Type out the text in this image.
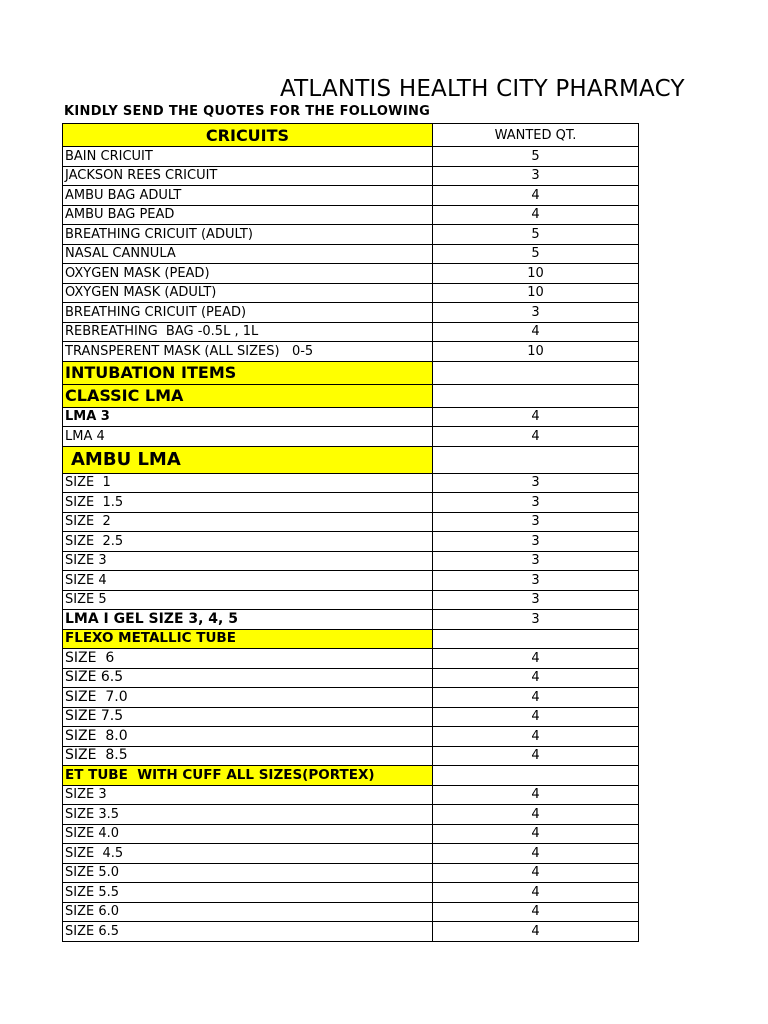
ATLANTIS HEALTH CITY PHARMACY
KINDLY SEND THE QUOTES FOR THE FOLLOWING
CRICUITS	WANTED QT.
BAIN CRICUIT	5
JACKSON REES CRICUIT	3
AMBU BAG ADULT	4
AMBU BAG PEAD	4
BREATHING CRICUIT (ADULT)	5
NASAL CANNULA	5
OXYGEN MASK (PEAD)	10
OXYGEN MASK (ADULT)	10
BREATHING CRICUIT (PEAD)	3
REBREATHING  BAG -0.5L , 1L	4
TRANSPERENT MASK (ALL SIZES)   0-5	10
INTUBATION ITEMS	
CLASSIC LMA	
LMA 3	4
LMA 4	4
AMBU LMA	
SIZE  1	3
SIZE  1.5	3
SIZE  2	3
SIZE  2.5	3
SIZE 3	3
SIZE 4	3
SIZE 5	3
LMA I GEL SIZE 3, 4, 5	3
FLEXO METALLIC TUBE	
SIZE  6	4
SIZE 6.5	4
SIZE  7.0	4
SIZE 7.5	4
SIZE  8.0	4
SIZE  8.5	4
ET TUBE  WITH CUFF ALL SIZES(PORTEX)	
SIZE 3	4
SIZE 3.5	4
SIZE 4.0	4
SIZE  4.5	4
SIZE 5.0	4
SIZE 5.5	4
SIZE 6.0	4
SIZE 6.5	4
